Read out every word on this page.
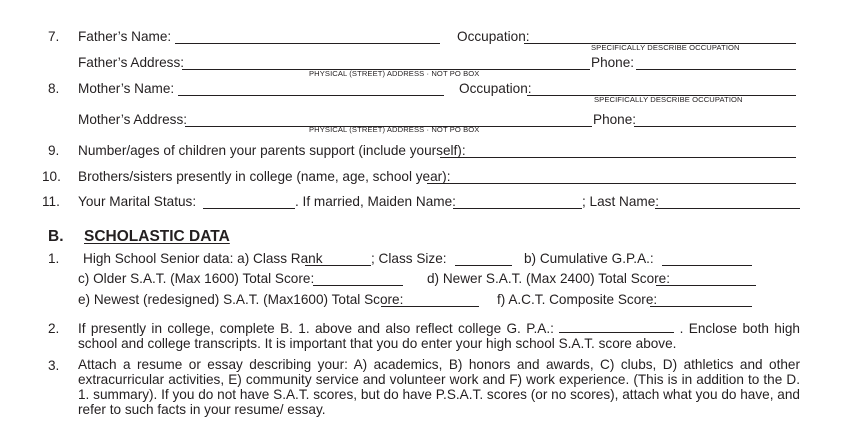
7. Father’s Name:	Occupation:
SPECIFICALLY DESCRIBE OCCUPATION
Father’s Address:	Phone:
PHYSICAL (STREET) ADDRESS · NOT PO BOX
8. Mother’s Name:	Occupation:
SPECIFICALLY DESCRIBE OCCUPATION
Mother’s Address:	Phone:
PHYSICAL (STREET) ADDRESS · NOT PO BOX
9. Number/ages of children your parents support (include yourself):
10. Brothers/sisters presently in college (name, age, school year):
11. Your Marital Status:	. If married, Maiden Name:	; Last Name:
B. SCHOLASTIC DATA
1. High School Senior data: a) Class Rank	; Class Size:	b) Cumulative G.P.A.:
c) Older S.A.T. (Max 1600) Total Score:	d) Newer S.A.T. (Max 2400) Total Score:
e) Newest (redesigned) S.A.T. (Max1600) Total Score:	f) A.C.T. Composite Score:
2. If presently in college, complete B. 1. above and also reflect college G. P.A.:	. Enclose both high school and college transcripts. It is important that you do enter your high school S.A.T. score above.
3. Attach a resume or essay describing your: A) academics, B) honors and awards, C) clubs, D) athletics and other extracurricular activities, E) community service and volunteer work and F) work experience. (This is in addition to the D. 1. summary). If you do not have S.A.T. scores, but do have P.S.A.T. scores (or no scores), attach what you do have, and refer to such facts in your resume/ essay.
